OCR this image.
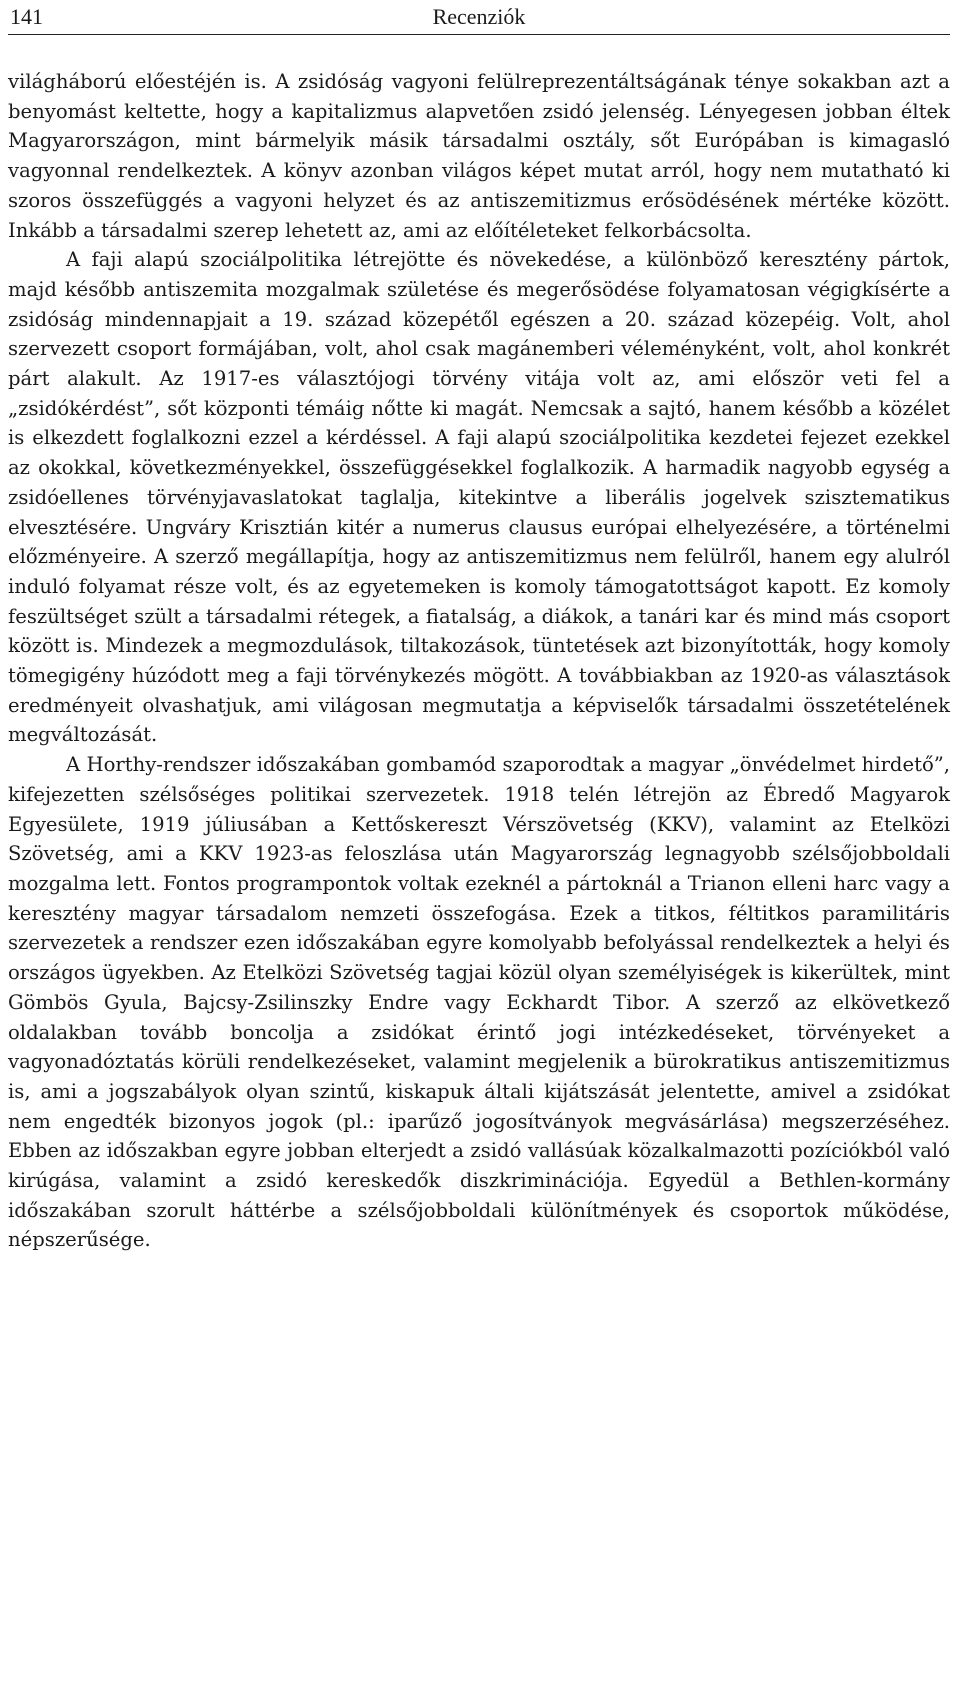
141	Recenziók

világháború előestéjén is. A zsidóság vagyoni felülreprezentáltságának ténye sokakban azt a benyomást keltette, hogy a kapitalizmus alapvetően zsidó jelenség. Lényegesen jobban éltek Magyarországon, mint bármelyik másik társadalmi osztály, sőt Európában is kimagasló vagyonnal rendelkeztek. A könyv azonban világos képet mutat arról, hogy nem mutatható ki szoros összefüggés a vagyoni helyzet és az antiszemitizmus erősödésének mértéke között. Inkább a társadalmi szerep lehetett az, ami az előítéleteket felkorbácsolta.

A faji alapú szociálpolitika létrejötte és növekedése, a különböző keresztény pártok, majd később antiszemita mozgalmak születése és megerősödése folyamatosan végigkísérte a zsidóság mindennapjait a 19. század közepétől egészen a 20. század közepéig. Volt, ahol szervezett csoport formájában, volt, ahol csak magánemberi véleményként, volt, ahol konkrét párt alakult. Az 1917-es választójogi törvény vitája volt az, ami először veti fel a „zsidókérdést”, sőt központi témáig nőtte ki magát. Nemcsak a sajtó, hanem később a közélet is elkezdett foglalkozni ezzel a kérdéssel. A faji alapú szociálpolitika kezdetei fejezet ezekkel az okokkal, következményekkel, összefüggésekkel foglalkozik. A harmadik nagyobb egység a zsidóellenes törvényjavaslatokat taglalja, kitekintve a liberális jogelvek szisztematikus elvesztésére. Ungváry Krisztián kitér a numerus clausus európai elhelyezésére, a történelmi előzményeire. A szerző megállapítja, hogy az antiszemitizmus nem felülről, hanem egy alulról induló folyamat része volt, és az egyetemeken is komoly támogatottságot kapott. Ez komoly feszültséget szült a társadalmi rétegek, a fiatalság, a diákok, a tanári kar és mind más csoport között is. Mindezek a megmozdulások, tiltakozások, tüntetések azt bizonyították, hogy komoly tömegigény húzódott meg a faji törvénykezés mögött. A továbbiakban az 1920-as választások eredményeit olvashatjuk, ami világosan megmutatja a képviselők társadalmi összetételének megváltozását.

A Horthy-rendszer időszakában gombamód szaporodtak a magyar „önvédelmet hirdető”, kifejezetten szélsőséges politikai szervezetek. 1918 telén létrejön az Ébredő Magyarok Egyesülete, 1919 júliusában a Kettőskereszt Vérszövetség (KKV), valamint az Etelközi Szövetség, ami a KKV 1923-as feloszlása után Magyarország legnagyobb szélsőjobboldali mozgalma lett. Fontos programpontok voltak ezeknél a pártoknál a Trianon elleni harc vagy a keresztény magyar társadalom nemzeti összefogása. Ezek a titkos, féltitkos paramilitáris szervezetek a rendszer ezen időszakában egyre komolyabb befolyással rendelkeztek a helyi és országos ügyekben. Az Etelközi Szövetség tagjai közül olyan személyiségek is kikerültek, mint Gömbös Gyula, Bajcsy-Zsilinszky Endre vagy Eckhardt Tibor. A szerző az elkövetkező oldalakban tovább boncolja a zsidókat érintő jogi intézkedéseket, törvényeket a vagyonadóztatás körüli rendelkezéseket, valamint megjelenik a bürokratikus antiszemitizmus is, ami a jogszabályok olyan szintű, kiskapuk általi kijátszását jelentette, amivel a zsidókat nem engedték bizonyos jogok (pl.: iparűző jogosítványok megvásárlása) megszerzéséhez. Ebben az időszakban egyre jobban elterjedt a zsidó vallásúak közalkalmazotti pozíciókból való kirúgása, valamint a zsidó kereskedők diszkriminációja. Egyedül a Bethlen-kormány időszakában szorult háttérbe a szélsőjobboldali különítmények és csoportok működése, népszerűsége.
